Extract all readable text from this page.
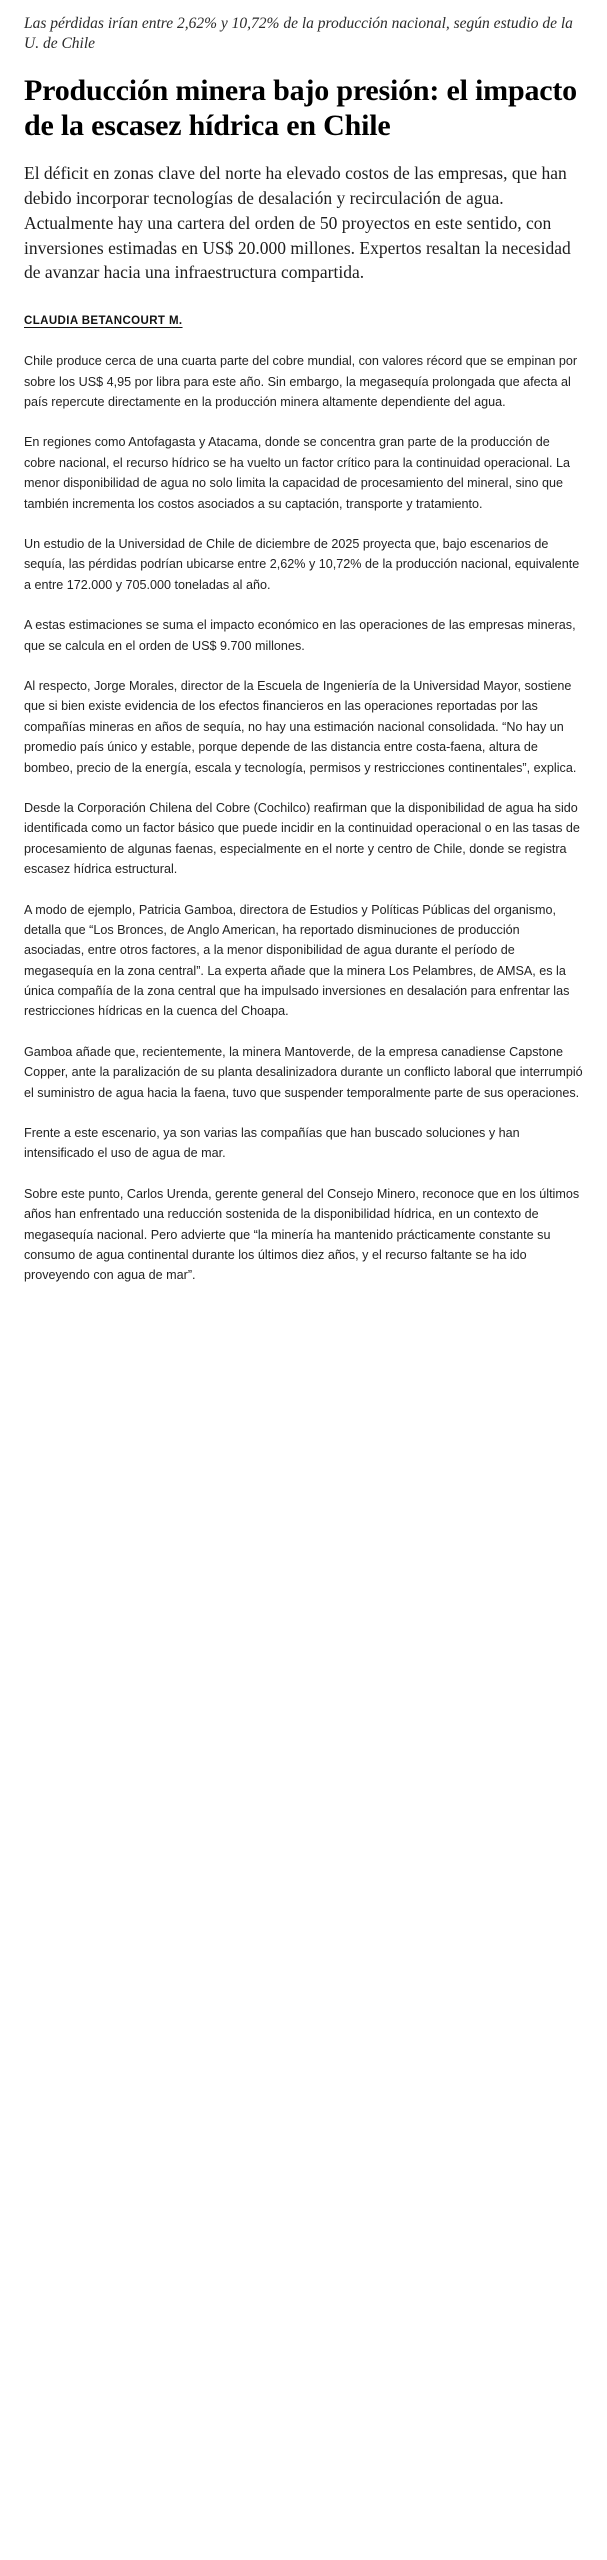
Las pérdidas irían entre 2,62% y 10,72% de la producción nacional, según estudio de la U. de Chile

Producción minera bajo presión: el impacto de la escasez hídrica en Chile

El déficit en zonas clave del norte ha elevado costos de las empresas, que han debido incorporar tecnologías de desalación y recirculación de agua. Actualmente hay una cartera del orden de 50 proyectos en este sentido, con inversiones estimadas en US$ 20.000 millones. Expertos resaltan la necesidad de avanzar hacia una infraestructura compartida.

CLAUDIA BETANCOURT M.

Chile produce cerca de una cuarta parte del cobre mundial, con valores récord que se empinan por sobre los US$ 4,95 por libra para este año. Sin embargo, la megasequía prolongada que afecta al país repercute directamente en la producción minera altamente dependiente del agua.

En regiones como Antofagasta y Atacama, donde se concentra gran parte de la producción de cobre nacional, el recurso hídrico se ha vuelto un factor crítico para la continuidad operacional. La menor disponibilidad de agua no solo limita la capacidad de procesamiento del mineral, sino que también incrementa los costos asociados a su captación, transporte y tratamiento.

Un estudio de la Universidad de Chile de diciembre de 2025 proyecta que, bajo escenarios de sequía, las pérdidas podrían ubicarse entre 2,62% y 10,72% de la producción nacional, equivalente a entre 172.000 y 705.000 toneladas al año.

A estas estimaciones se suma el impacto económico en las operaciones de las empresas mineras, que se calcula en el orden de US$ 9.700 millones.

Al respecto, Jorge Morales, director de la Escuela de Ingeniería de la Universidad Mayor, sostiene que si bien existe evidencia de los efectos financieros en las operaciones reportadas por las compañías mineras en años de sequía, no hay una estimación nacional consolidada. “No hay un promedio país único y estable, porque depende de las distancia entre costa-faena, altura de bombeo, precio de la energía, escala y tecnología, permisos y restricciones continentales”, explica.

Desde la Corporación Chilena del Cobre (Cochilco) reafirman que la disponibilidad de agua ha sido identificada como un factor básico que puede incidir en la continuidad operacional o en las tasas de procesamiento de algunas faenas, especialmente en el norte y centro de Chile, donde se registra escasez hídrica estructural.

A modo de ejemplo, Patricia Gamboa, directora de Estudios y Políticas Públicas del organismo, detalla que “Los Bronces, de Anglo American, ha reportado disminuciones de producción asociadas, entre otros factores, a la menor disponibilidad de agua durante el período de megasequía en la zona central”. La experta añade que la minera Los Pelambres, de AMSA, es la única compañía de la zona central que ha impulsado inversiones en desalación para enfrentar las restricciones hídricas en la cuenca del Choapa.

Gamboa añade que, recientemente, la minera Mantoverde, de la empresa canadiense Capstone Copper, ante la paralización de su planta desalinizadora durante un conflicto laboral que interrumpió el suministro de agua hacia la faena, tuvo que suspender temporalmente parte de sus operaciones.

Frente a este escenario, ya son varias las compañías que han buscado soluciones y han intensificado el uso de agua de mar.

Sobre este punto, Carlos Urenda, gerente general del Consejo Minero, reconoce que en los últimos años han enfrentado una reducción sostenida de la disponibilidad hídrica, en un contexto de megasequía nacional. Pero advierte que “la minería ha mantenido prácticamente constante su consumo de agua continental durante los últimos diez años, y el recurso faltante se ha ido proveyendo con agua de mar”.
